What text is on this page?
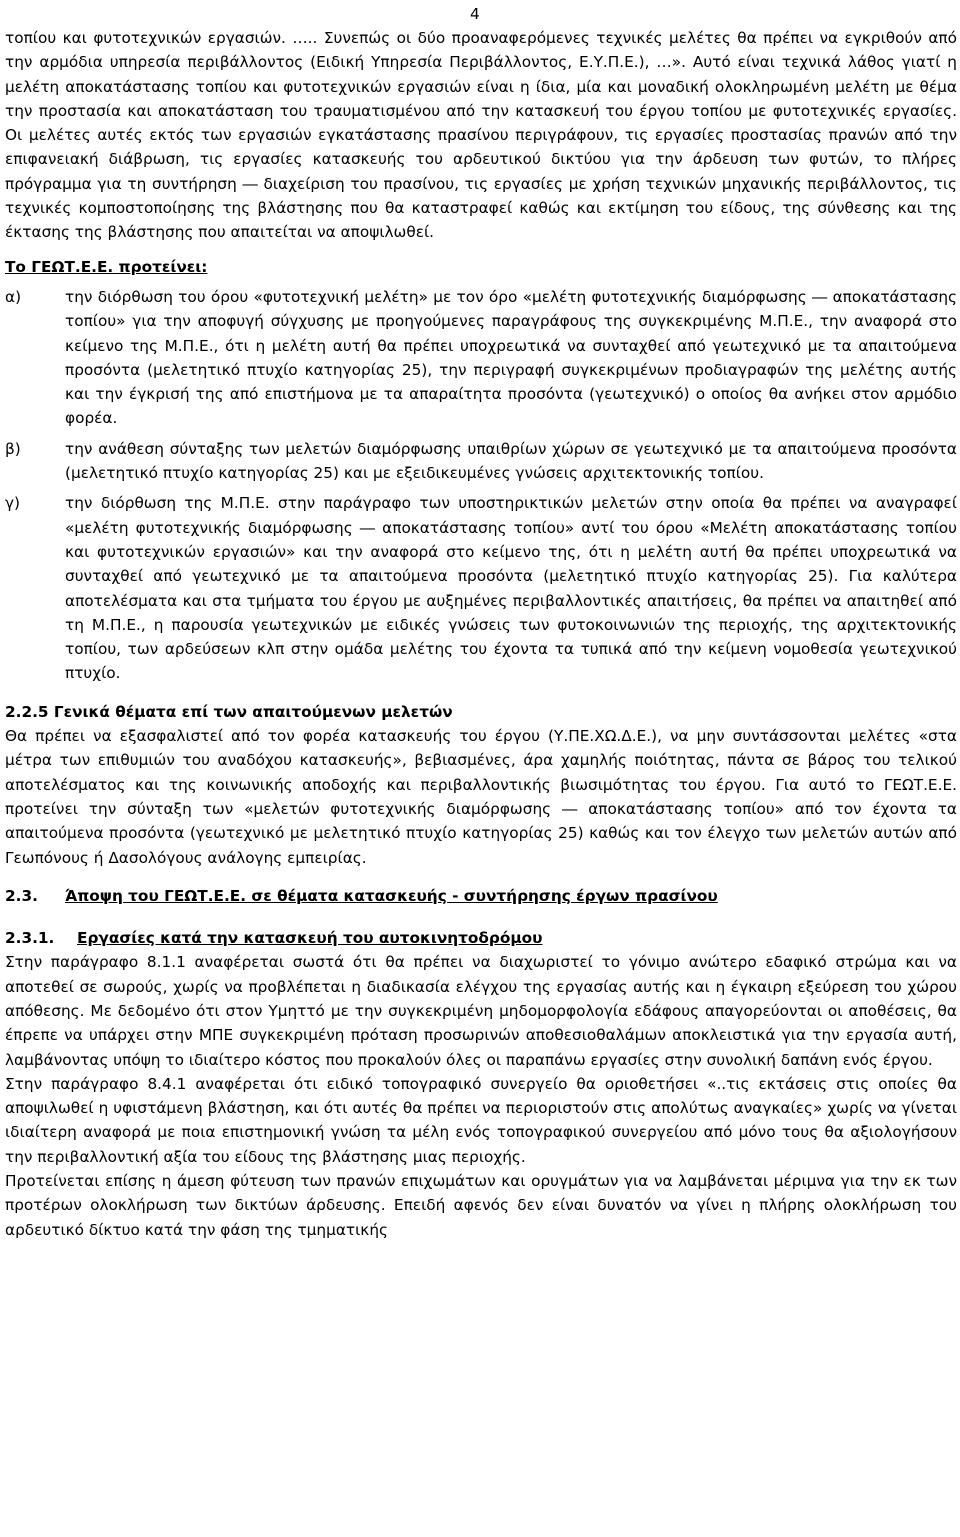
4

τοπίου και φυτοτεχνικών εργασιών. ….. Συνεπώς οι δύο προαναφερόμενες τεχνικές μελέτες θα πρέπει να εγκριθούν από την αρμόδια υπηρεσία περιβάλλοντος (Ειδική Υπηρεσία Περιβάλλοντος, Ε.Υ.Π.Ε.), …». Αυτό είναι τεχνικά λάθος γιατί η μελέτη αποκατάστασης τοπίου και φυτοτεχνικών εργασιών είναι η ίδια, μία και μοναδική ολοκληρωμένη μελέτη με θέμα την προστασία και αποκατάσταση του τραυματισμένου από την κατασκευή του έργου τοπίου με φυτοτεχνικές εργασίες. Οι μελέτες αυτές εκτός των εργασιών εγκατάστασης πρασίνου περιγράφουν, τις εργασίες προστασίας πρανών από την επιφανειακή διάβρωση, τις εργασίες κατασκευής του αρδευτικού δικτύου για την άρδευση των φυτών, το πλήρες πρόγραμμα για τη συντήρηση ― διαχείριση του πρασίνου, τις εργασίες με χρήση τεχνικών μηχανικής περιβάλλοντος, τις τεχνικές κομποστοποίησης της βλάστησης που θα καταστραφεί καθώς και εκτίμηση του είδους, της σύνθεσης και της έκτασης της βλάστησης που απαιτείται να αποψιλωθεί.

Το ΓΕΩΤ.Ε.Ε. προτείνει:

α)	την διόρθωση του όρου «φυτοτεχνική μελέτη» με τον όρο «μελέτη φυτοτεχνικής διαμόρφωσης ― αποκατάστασης τοπίου» για την αποφυγή σύγχυσης με προηγούμενες παραγράφους της συγκεκριμένης Μ.Π.Ε., την αναφορά στο κείμενο της Μ.Π.Ε., ότι η μελέτη αυτή θα πρέπει υποχρεωτικά να συνταχθεί από γεωτεχνικό με τα απαιτούμενα προσόντα (μελετητικό πτυχίο κατηγορίας 25), την περιγραφή συγκεκριμένων προδιαγραφών της μελέτης αυτής και την έγκρισή της από επιστήμονα με τα απαραίτητα προσόντα (γεωτεχνικό) ο οποίος θα ανήκει στον αρμόδιο φορέα.
β)	την ανάθεση σύνταξης των μελετών διαμόρφωσης υπαιθρίων χώρων σε γεωτεχνικό με τα απαιτούμενα προσόντα (μελετητικό πτυχίο κατηγορίας 25) και με εξειδικευμένες γνώσεις αρχιτεκτονικής τοπίου.
γ)	την διόρθωση της Μ.Π.Ε. στην παράγραφο των υποστηρικτικών μελετών στην οποία θα πρέπει να αναγραφεί «μελέτη φυτοτεχνικής διαμόρφωσης ― αποκατάστασης τοπίου» αντί του όρου «Μελέτη αποκατάστασης τοπίου και φυτοτεχνικών εργασιών» και την αναφορά στο κείμενο της, ότι η μελέτη αυτή θα πρέπει υποχρεωτικά να συνταχθεί από γεωτεχνικό με τα απαιτούμενα προσόντα (μελετητικό πτυχίο κατηγορίας 25). Για καλύτερα αποτελέσματα και στα τμήματα του έργου με αυξημένες περιβαλλοντικές απαιτήσεις, θα πρέπει να απαιτηθεί από τη Μ.Π.Ε., η παρουσία γεωτεχνικών με ειδικές γνώσεις των φυτοκοινωνιών της περιοχής, της αρχιτεκτονικής τοπίου, των αρδεύσεων κλπ στην ομάδα μελέτης του έχοντα τα τυπικά από την κείμενη νομοθεσία γεωτεχνικού πτυχίο.

2.2.5 Γενικά θέματα επί των απαιτούμενων μελετών

Θα πρέπει να εξασφαλιστεί από τον φορέα κατασκευής του έργου (Υ.ΠΕ.ΧΩ.Δ.Ε.), να μην συντάσσονται μελέτες «στα μέτρα των επιθυμιών του αναδόχου κατασκευής», βεβιασμένες, άρα χαμηλής ποιότητας, πάντα σε βάρος του τελικού αποτελέσματος και της κοινωνικής αποδοχής και περιβαλλοντικής βιωσιμότητας του έργου. Για αυτό το ΓΕΩΤ.Ε.Ε. προτείνει την σύνταξη των «μελετών φυτοτεχνικής διαμόρφωσης ― αποκατάστασης τοπίου» από τον έχοντα τα απαιτούμενα προσόντα (γεωτεχνικό με μελετητικό πτυχίο κατηγορίας 25) καθώς και τον έλεγχο των μελετών αυτών από Γεωπόνους ή Δασολόγους ανάλογης εμπειρίας.

2.3.	Άποψη του ΓΕΩΤ.Ε.Ε. σε θέματα κατασκευής - συντήρησης έργων πρασίνου
2.3.1.	Εργασίες κατά την κατασκευή του αυτοκινητοδρόμου

Στην παράγραφο 8.1.1 αναφέρεται σωστά ότι θα πρέπει να διαχωριστεί το γόνιμο ανώτερο εδαφικό στρώμα και να αποτεθεί σε σωρούς, χωρίς να προβλέπεται η διαδικασία ελέγχου της εργασίας αυτής και η έγκαιρη εξεύρεση του χώρου απόθεσης. Με δεδομένο ότι στον Υμηττό με την συγκεκριμένη μηδομορφολογία εδάφους απαγορεύονται οι αποθέσεις, θα έπρεπε να υπάρχει στην ΜΠΕ συγκεκριμένη πρόταση προσωρινών αποθεσιοθαλάμων αποκλειστικά για την εργασία αυτή, λαμβάνοντας υπόψη το ιδιαίτερο κόστος που προκαλούν όλες οι παραπάνω εργασίες στην συνολική δαπάνη ενός έργου.

Στην παράγραφο 8.4.1 αναφέρεται ότι ειδικό τοπογραφικό συνεργείο θα οριοθετήσει «..τις εκτάσεις στις οποίες θα αποψιλωθεί η υφιστάμενη βλάστηση, και ότι αυτές θα πρέπει να περιοριστούν στις απολύτως αναγκαίες» χωρίς να γίνεται ιδιαίτερη αναφορά με ποια επιστημονική γνώση τα μέλη ενός τοπογραφικού συνεργείου από μόνο τους θα αξιολογήσουν την περιβαλλοντική αξία του είδους της βλάστησης μιας περιοχής.

Προτείνεται επίσης η άμεση φύτευση των πρανών επιχωμάτων και ορυγμάτων για να λαμβάνεται μέριμνα για την εκ των προτέρων ολοκλήρωση των δικτύων άρδευσης. Επειδή αφενός δεν είναι δυνατόν να γίνει η πλήρης ολοκλήρωση του αρδευτικό δίκτυο κατά την φάση της τμηματικής
